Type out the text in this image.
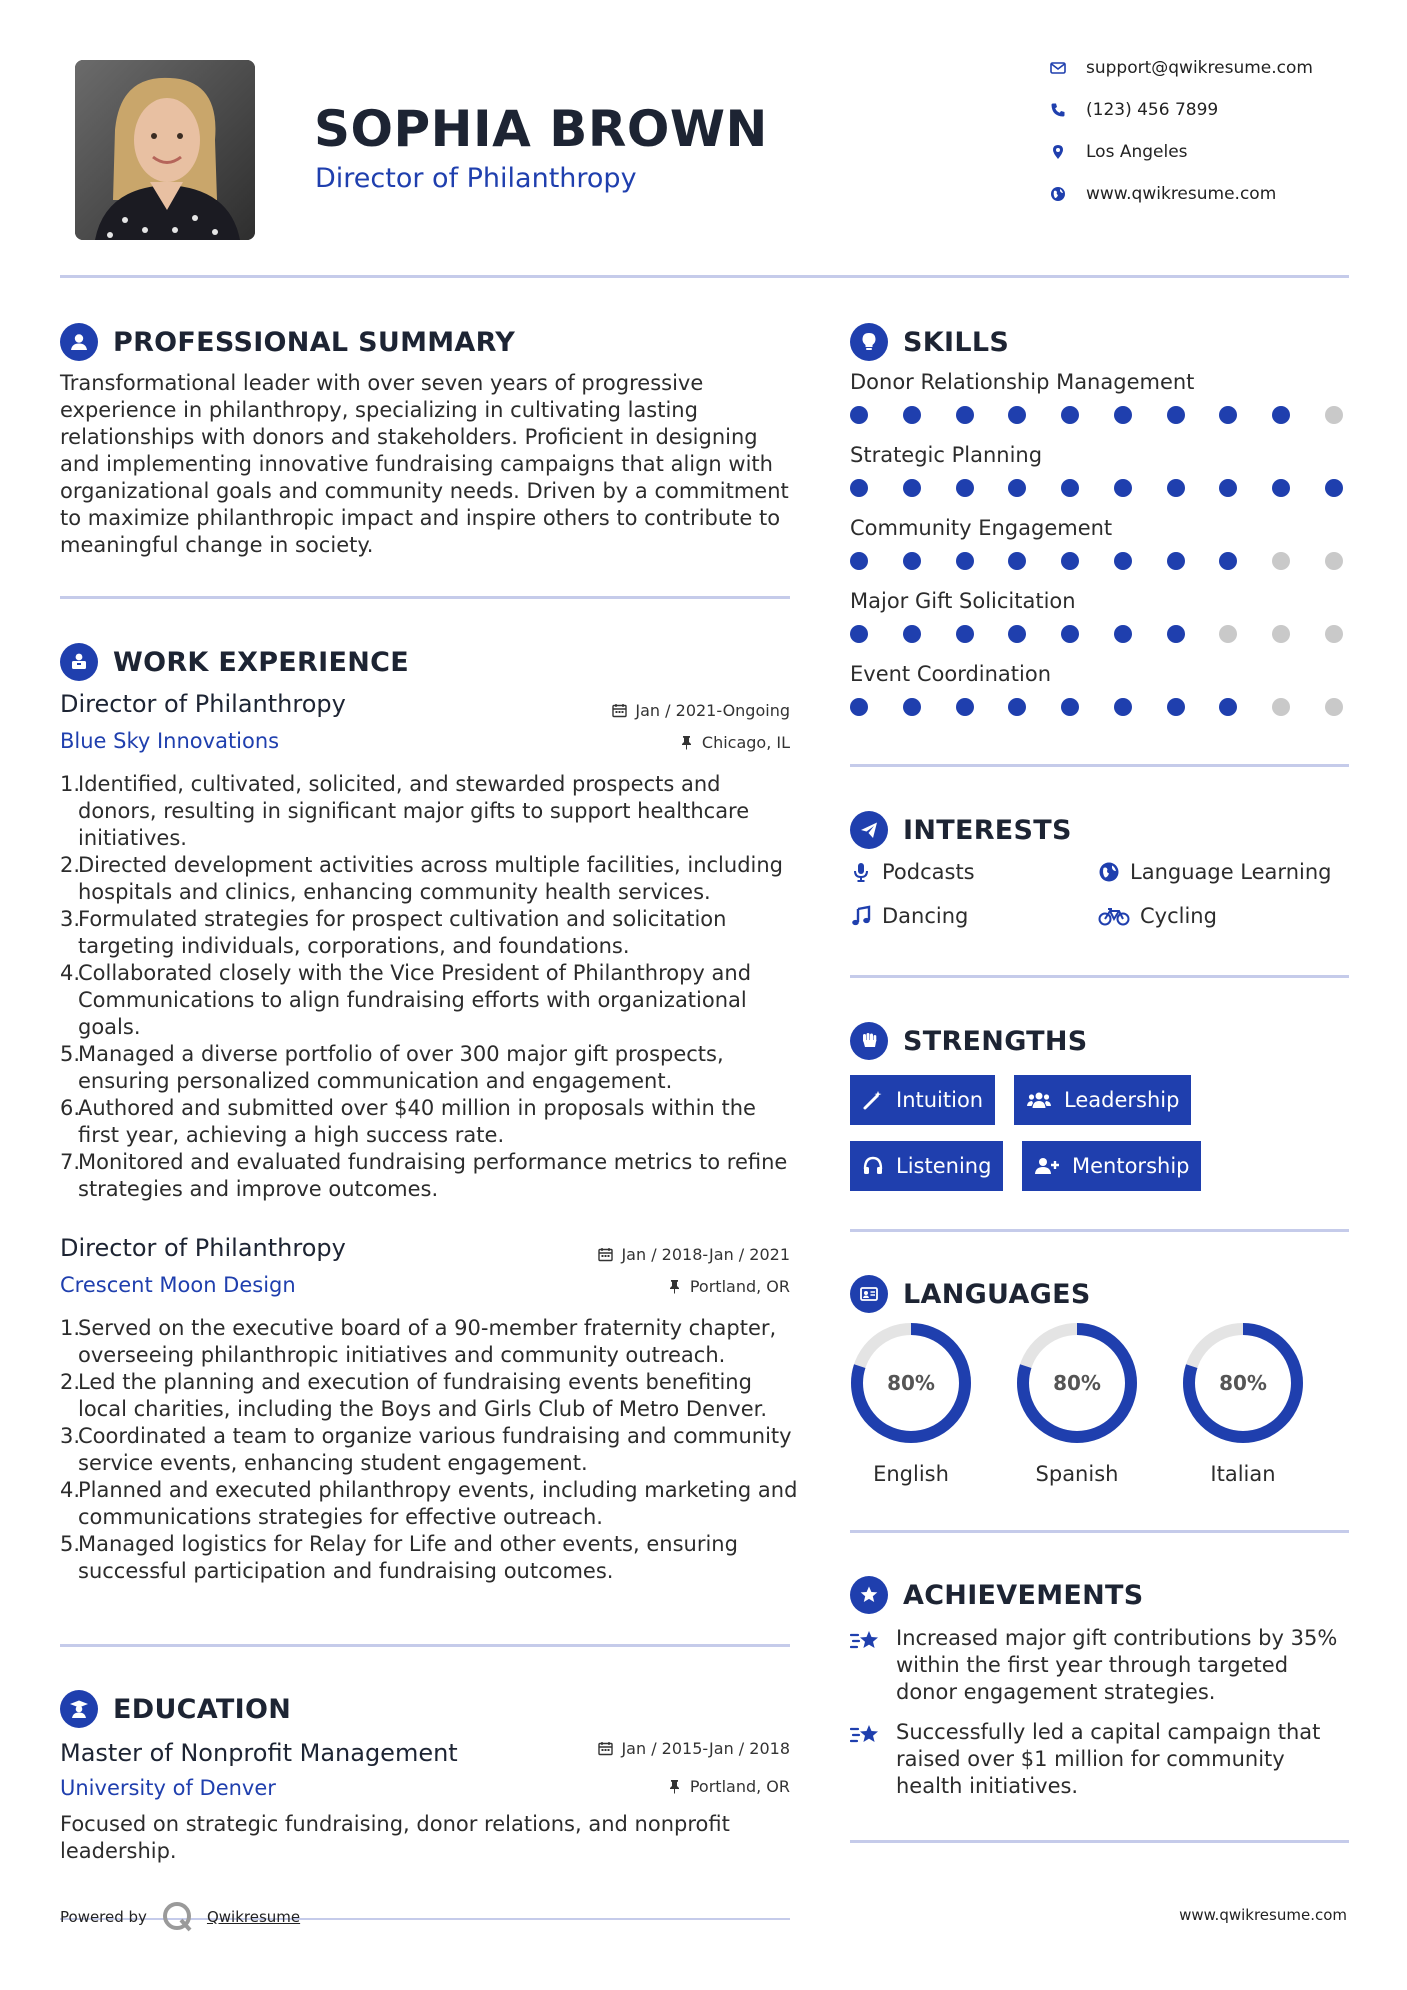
SOPHIA BROWN
Director of Philanthropy
support@qwikresume.com
(123) 456 7899
Los Angeles
www.qwikresume.com
PROFESSIONAL SUMMARY
Transformational leader with over seven years of progressive experience in philanthropy, specializing in cultivating lasting relationships with donors and stakeholders. Proficient in designing and implementing innovative fundraising campaigns that align with organizational goals and community needs. Driven by a commitment to maximize philanthropic impact and inspire others to contribute to meaningful change in society.
WORK EXPERIENCE
Director of Philanthropy	Jan / 2021-Ongoing
Blue Sky Innovations	Chicago, IL
1.
Identified, cultivated, solicited, and stewarded prospects and donors, resulting in significant major gifts to support healthcare initiatives.
2.
Directed development activities across multiple facilities, including hospitals and clinics, enhancing community health services.
3.
Formulated strategies for prospect cultivation and solicitation targeting individuals, corporations, and foundations.
4.
Collaborated closely with the Vice President of Philanthropy and Communications to align fundraising efforts with organizational goals.
5.
Managed a diverse portfolio of over 300 major gift prospects, ensuring personalized communication and engagement.
6.
Authored and submitted over $40 million in proposals within the first year, achieving a high success rate.
7.
Monitored and evaluated fundraising performance metrics to refine strategies and improve outcomes.
Director of Philanthropy	Jan / 2018-Jan / 2021
Crescent Moon Design	Portland, OR
1.
Served on the executive board of a 90-member fraternity chapter, overseeing philanthropic initiatives and community outreach.
2.
Led the planning and execution of fundraising events benefiting local charities, including the Boys and Girls Club of Metro Denver.
3.
Coordinated a team to organize various fundraising and community service events, enhancing student engagement.
4.
Planned and executed philanthropy events, including marketing and communications strategies for effective outreach.
5.
Managed logistics for Relay for Life and other events, ensuring successful participation and fundraising outcomes.
EDUCATION
Master of Nonprofit Management	Jan / 2015-Jan / 2018
University of Denver	Portland, OR
Focused on strategic fundraising, donor relations, and nonprofit leadership.
SKILLS
Donor Relationship Management
Strategic Planning
Community Engagement
Major Gift Solicitation
Event Coordination
INTERESTS
Podcasts	Language Learning
Dancing	Cycling
STRENGTHS
Intuition	Leadership
Listening	Mentorship
LANGUAGES
80%
English
80%
Spanish
80%
Italian
ACHIEVEMENTS
Increased major gift contributions by 35% within the first year through targeted donor engagement strategies.
Successfully led a capital campaign that raised over $1 million for community health initiatives.
Powered by	Qwikresume	www.qwikresume.com
